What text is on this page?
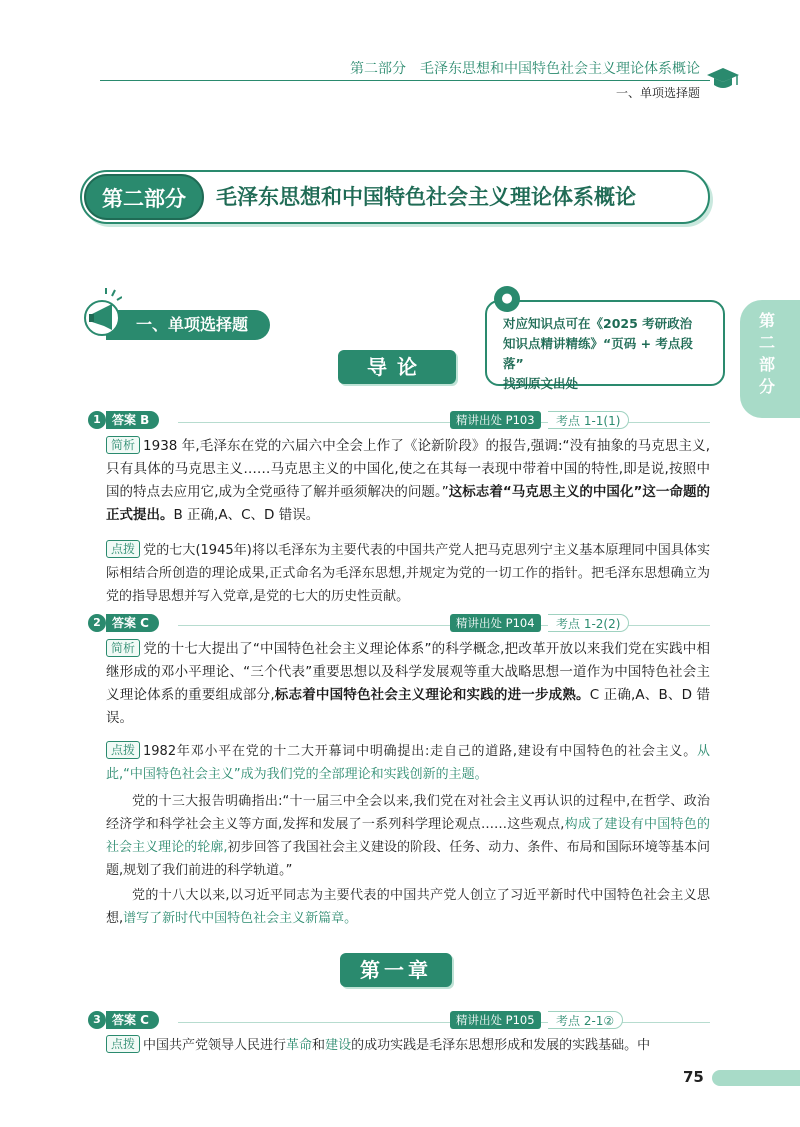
第二部分 毛泽东思想和中国特色社会主义理论体系概论
一、单项选择题
第二部分	毛泽东思想和中国特色社会主义理论体系概论
一、单项选择题	对应知识点可在《2025 考研政治
知识点精讲精练》“页码 + 考点段落”
找到原文出处
●
第二
部分
导论
1 答案 B	精讲出处 P103	考点 1-1(1)
简析 1938 年,毛泽东在党的六届六中全会上作了《论新阶段》的报告,强调:“没有抽象的马克思主义,只有具体的马克思主义……马克思主义的中国化,使之在其每一表现中带着中国的特性,即是说,按照中国的特点去应用它,成为全党亟待了解并亟须解决的问题。”这标志着“马克思主义的中国化”这一命题的正式提出。B 正确,A、C、D 错误。
点拨 党的七大(1945年)将以毛泽东为主要代表的中国共产党人把马克思列宁主义基本原理同中国具体实际相结合所创造的理论成果,正式命名为毛泽东思想,并规定为党的一切工作的指针。把毛泽东思想确立为党的指导思想并写入党章,是党的七大的历史性贡献。
2 答案 C	精讲出处 P104	考点 1-2(2)
简析 党的十七大提出了“中国特色社会主义理论体系”的科学概念,把改革开放以来我们党在实践中相继形成的邓小平理论、“三个代表”重要思想以及科学发展观等重大战略思想一道作为中国特色社会主义理论体系的重要组成部分,标志着中国特色社会主义理论和实践的进一步成熟。C 正确,A、B、D 错误。
点拨 1982年邓小平在党的十二大开幕词中明确提出:走自己的道路,建设有中国特色的社会主义。从此,“中国特色社会主义”成为我们党的全部理论和实践创新的主题。
党的十三大报告明确指出:“十一届三中全会以来,我们党在对社会主义再认识的过程中,在哲学、政治经济学和科学社会主义等方面,发挥和发展了一系列科学理论观点……这些观点,构成了建设有中国特色的社会主义理论的轮廓,初步回答了我国社会主义建设的阶段、任务、动力、条件、布局和国际环境等基本问题,规划了我们前进的科学轨道。”
党的十八大以来,以习近平同志为主要代表的中国共产党人创立了习近平新时代中国特色社会主义思想,谱写了新时代中国特色社会主义新篇章。
第一章
3 答案 C	精讲出处 P105	考点 2-1②
点拨 中国共产党领导人民进行革命和建设的成功实践是毛泽东思想形成和发展的实践基础。中
75
